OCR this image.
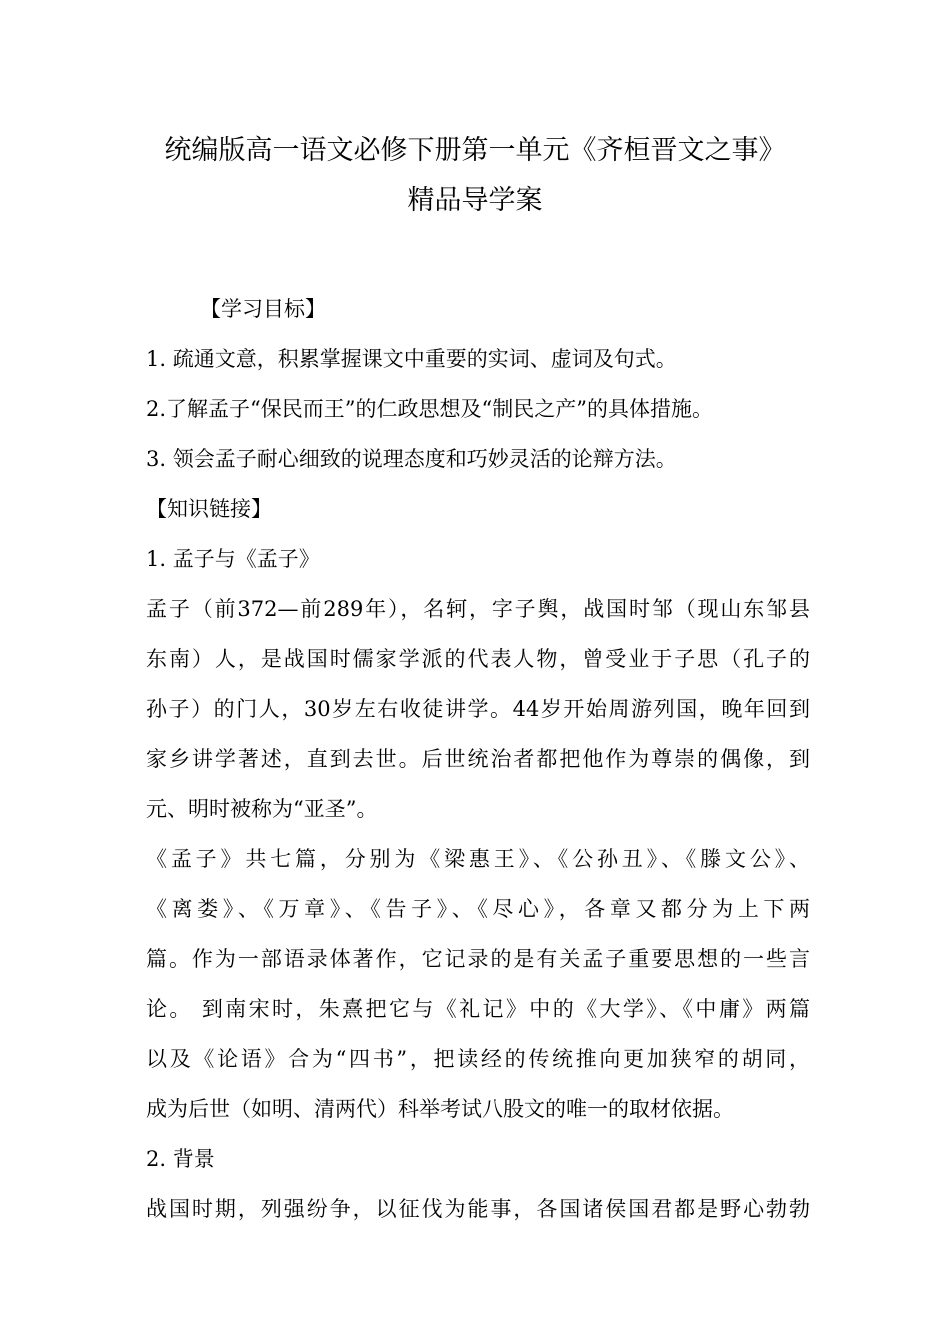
统编版高一语文必修下册第一单元《齐桓晋文之事》
精品导学案
【学习目标】
1. 疏通文意，积累掌握课文中重要的实词、虚词及句式。
2.了解孟子“保民而王”的仁政思想及“制民之产”的具体措施。
3. 领会孟子耐心细致的说理态度和巧妙灵活的论辩方法。
【知识链接】
1. 孟子与《孟子》
孟子（前372—前289年），名轲，字子舆，战国时邹（现山东邹县
东南）人，是战国时儒家学派的代表人物，曾受业于子思（孔子的
孙子）的门人，30岁左右收徒讲学。44岁开始周游列国，晚年回到
家乡讲学著述，直到去世。后世统治者都把他作为尊崇的偶像，到
元、明时被称为“亚圣”。
《孟子》共七篇，分别为《梁惠王》、《公孙丑》、《滕文公》、
《离娄》、《万章》、《告子》、《尽心》，各章又都分为上下两
篇。作为一部语录体著作，它记录的是有关孟子重要思想的一些言
论。 到南宋时，朱熹把它与《礼记》中的《大学》、《中庸》两篇
以及《论语》合为“四书”，把读经的传统推向更加狭窄的胡同，
成为后世（如明、清两代）科举考试八股文的唯一的取材依据。
2. 背景
战国时期，列强纷争，以征伐为能事，各国诸侯国君都是野心勃勃
